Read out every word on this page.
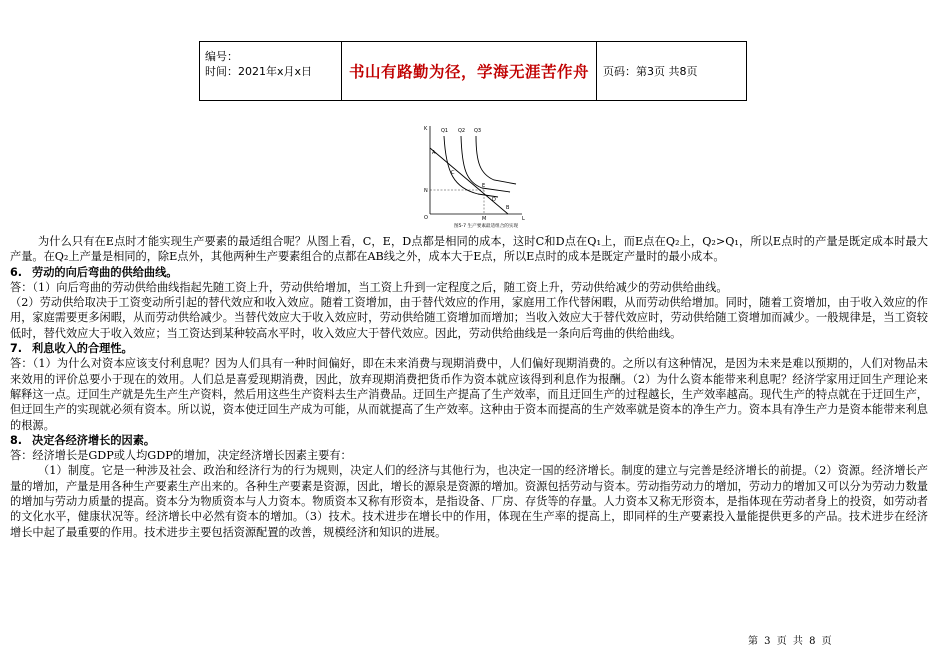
编号：
时间：2021年x月x日	书山有路勤为径，学海无涯苦作舟	页码：第3页 共8页
K
L
O
Q1 Q2 Q3
A
B
C
D
E
N
M
图5-7 生产要素最适组合的实现

为什么只有在E点时才能实现生产要素的最适组合呢？从图上看，C，E，D点都是相同的成本，这时C和D点在Q₁上，而E点在Q₂上，Q₂>Q₁，所以E点时的产量是既定成本时最大产量。在Q₂上产量是相同的，除E点外，其他两种生产要素组合的点都在AB线之外，成本大于E点，所以E点时的成本是既定产量时的最小成本。

6. 劳动的向后弯曲的供给曲线。

答：（1）向后弯曲的劳动供给曲线指起先随工资上升，劳动供给增加，当工资上升到一定程度之后，随工资上升，劳动供给减少的劳动供给曲线。

（2）劳动供给取决于工资变动所引起的替代效应和收入效应。随着工资增加，由于替代效应的作用，家庭用工作代替闲暇，从而劳动供给增加。同时，随着工资增加，由于收入效应的作用，家庭需要更多闲暇，从而劳动供给减少。当替代效应大于收入效应时，劳动供给随工资增加而增加；当收入效应大于替代效应时，劳动供给随工资增加而减少。一般规律是，当工资较低时，替代效应大于收入效应；当工资达到某种较高水平时，收入效应大于替代效应。因此，劳动供给曲线是一条向后弯曲的供给曲线。

7. 利息收入的合理性。

答：（1）为什么对资本应该支付利息呢？因为人们具有一种时间偏好，即在未来消费与现期消费中，人们偏好现期消费的。之所以有这种情况，是因为未来是难以预期的，人们对物品未来效用的评价总要小于现在的效用。人们总是喜爱现期消费，因此，放弃现期消费把货币作为资本就应该得到利息作为报酬。（2）为什么资本能带来利息呢？经济学家用迂回生产理论来解释这一点。迂回生产就是先生产生产资料，然后用这些生产资料去生产消费品。迂回生产提高了生产效率，而且迂回生产的过程越长，生产效率越高。现代生产的特点就在于迂回生产，但迂回生产的实现就必须有资本。所以说，资本使迂回生产成为可能，从而就提高了生产效率。这种由于资本而提高的生产效率就是资本的净生产力。资本具有净生产力是资本能带来利息的根源。

8. 决定各经济增长的因素。

答：经济增长是GDP或人均GDP的增加，决定经济增长因素主要有：

（1）制度。它是一种涉及社会、政治和经济行为的行为规则，决定人们的经济与其他行为，也决定一国的经济增长。制度的建立与完善是经济增长的前提。（2）资源。经济增长产量的增加，产量是用各种生产要素生产出来的。各种生产要素是资源，因此，增长的源泉是资源的增加。资源包括劳动与资本。劳动指劳动力的增加，劳动力的增加又可以分为劳动力数量的增加与劳动力质量的提高。资本分为物质资本与人力资本。物质资本又称有形资本，是指设备、厂房、存货等的存量。人力资本又称无形资本，是指体现在劳动者身上的投资，如劳动者的文化水平，健康状况等。经济增长中必然有资本的增加。（3）技术。技术进步在增长中的作用，体现在生产率的提高上，即同样的生产要素投入量能提供更多的产品。技术进步在经济增长中起了最重要的作用。技术进步主要包括资源配置的改善，规模经济和知识的进展。

第 3 页 共 8 页
